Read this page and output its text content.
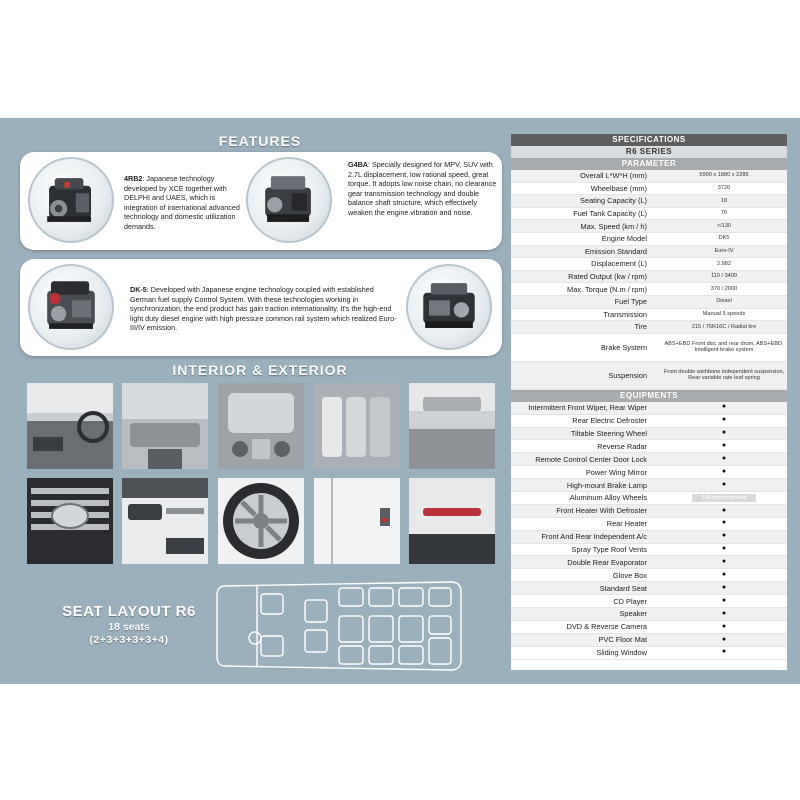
FEATURES
4RB2: Japanese technology developed by XCE together with DELPHI and UAES, which is integration of international advanced technology and domestic utilization demands.
G4BA: Specially designed for MPV, SUV with 2.7L displacement, low rational speed, great torque. It adopts low noise chain, no clearance gear transmission technology and double balance shaft structure, which effectively weaken the engine vibration and noise.
DK-5: Developed with Japanese engine technology coupled with established German fuel supply Control System. With these technologies working in synchronization, the end product has gain traction internationality. It's the high-end light duty diesel engine with high pressure common rail system which realized Euro-III/IV emission.
INTERIOR & EXTERIOR
SEAT LAYOUT R6
18 seats
(2+3+3+3+3+4)
SPECIFICATIONS
R6 SERIES
PARAMETER
Overall L*W*H (mm)	5990 x 1880 x 2285
Wheelbase (mm)	3720
Seating Capacity (L)	18
Fuel Tank Capacity (L)	70
Max. Speed (km / h)	>/130
Engine Model	DK5
Emission Standard	Euro-IV
Displacement (L)	2.982
Rated Output (kw / rpm)	110 / 3400
Max. Torque (N.m / rpm)	370 / 2000
Fuel Type	Diesel
Transmission	Manual 5 speeds
Tire	215 / 75R16C / Radial tire
Brake System	ABS+EBD Front disc and rear drum, ABS+EBD, Intelligent brake system
Suspension	Front double wishbone independent suspension, Rear variable rate leaf spring
EQUIPMENTS
Intermittent Front Wiper, Rear Wiper	●
Rear Electric Defroster	●
Tiltable Steering Wheel	●
Reverse Radar	●
Remote Control Center Door Lock	●
Power Wing Mirror	●
High-mount Brake Lamp	●
Aluminum Alloy Wheels	6 Aluminum wheels
Front Heater With Defroster	●
Rear Heater	●
Front And Rear Independent A/c	●
Spray Type Roof Vents	●
Double Rear Evaporator	●
Glove Box	●
Standard Seat	●
CD Player	●
Speaker	●
DVD & Reverse Camera	●
PVC Floor Mat	●
Sliding Window	●
